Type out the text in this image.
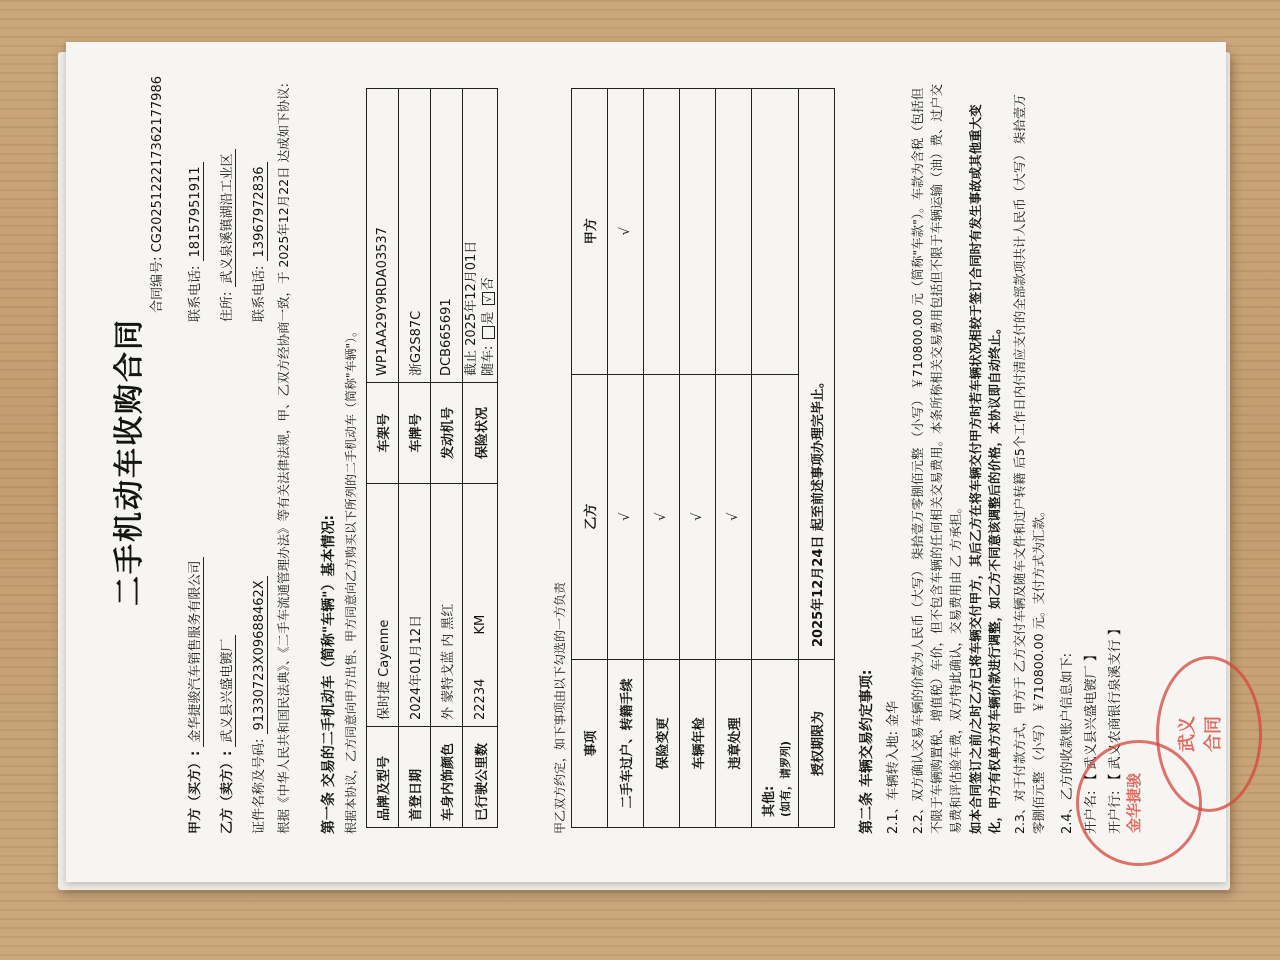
二手机动车收购合同
合同编号: CG20251222173621779​86
甲方（买方）: 金华捷骏汽车销售服务有限公司
联系电话: 18157951911
乙方（卖方）: 武义县兴盛电镀厂
住所: 武义泉溪镇湖沿工业区
证件名称及号码: 91330723X09688462X
联系电话: 13967972836 根据《中华人民共和国民法典》、《二手车流通管理办法》等有关法律法规，甲、乙双方经协商一致，于 2025年12月22日 达成如下协议: 第一条 交易的二手机动车（简称"车辆"）基本情况: 根据本协议，乙方同意向甲方出售、甲方同意向乙方购买以下所列的二手机动车（简称"车辆"）。 品牌及型号	保时捷 Cayenne	车架号	WP1AA29Y9RDA03537
首登日期	2024年01月12日	车牌号	浙G2S87C
车身内饰颜色	外 蒙特戈蓝 内 黑红	发动机号	DCB665691
已行驶公里数	22234 KM	保险状况	截止 2025年12月01日 随车: 是 √否
甲乙双方约定，如下事项由以下勾选的一方负责 事项	乙方	甲方
二手车过户、转籍手续	√	√
保险变更	√	
车辆年检	√	
违章处理	√	

其他: (如有，请罗列)		

授权期限为	2025年12月24日 起至前述事项办理完毕止。	
第二条 车辆交易约定事项: 2.1、车辆转入地: 金华 2.2、双方确认交易车辆的价款为人民币（大写） 柒拾壹万零捌佰元整 （小写） ￥710800.00 元（简称"车款"）。车款为含税（包括但不限于车辆购置税、增值税）车价，但不包含车辆的任何相关交易费用。本条所称相关交易费用包括但不限于车辆运输（油）费、过户交易费和评估验车费，双方特此确认，交易费用由 乙 方承担。 如本合同签订之前/之时乙方已将车辆交付甲方，其后乙方在将车辆交付甲方时若车辆状况相较于签订合同时有发生事故或其他重大变化，甲方有权单方对车辆价款进行调整，如乙方不同意该调整后的价格，本协议即自动终止。 2.3、对于付款方式，甲方于 乙方交付车辆及随车文件和过户转籍 后5个工作日内付清应支付的全部款项共计人民币（大写） 柒拾壹万零捌佰元整 （小写） ￥710800.00 元。支付方式为汇款。	2.4、乙方的收款账户信息如下: 开户名: 【 武义县兴盛电镀厂 】 开户行: 【 武义农商银行泉溪支行 】 金华捷骏
武义 合同
